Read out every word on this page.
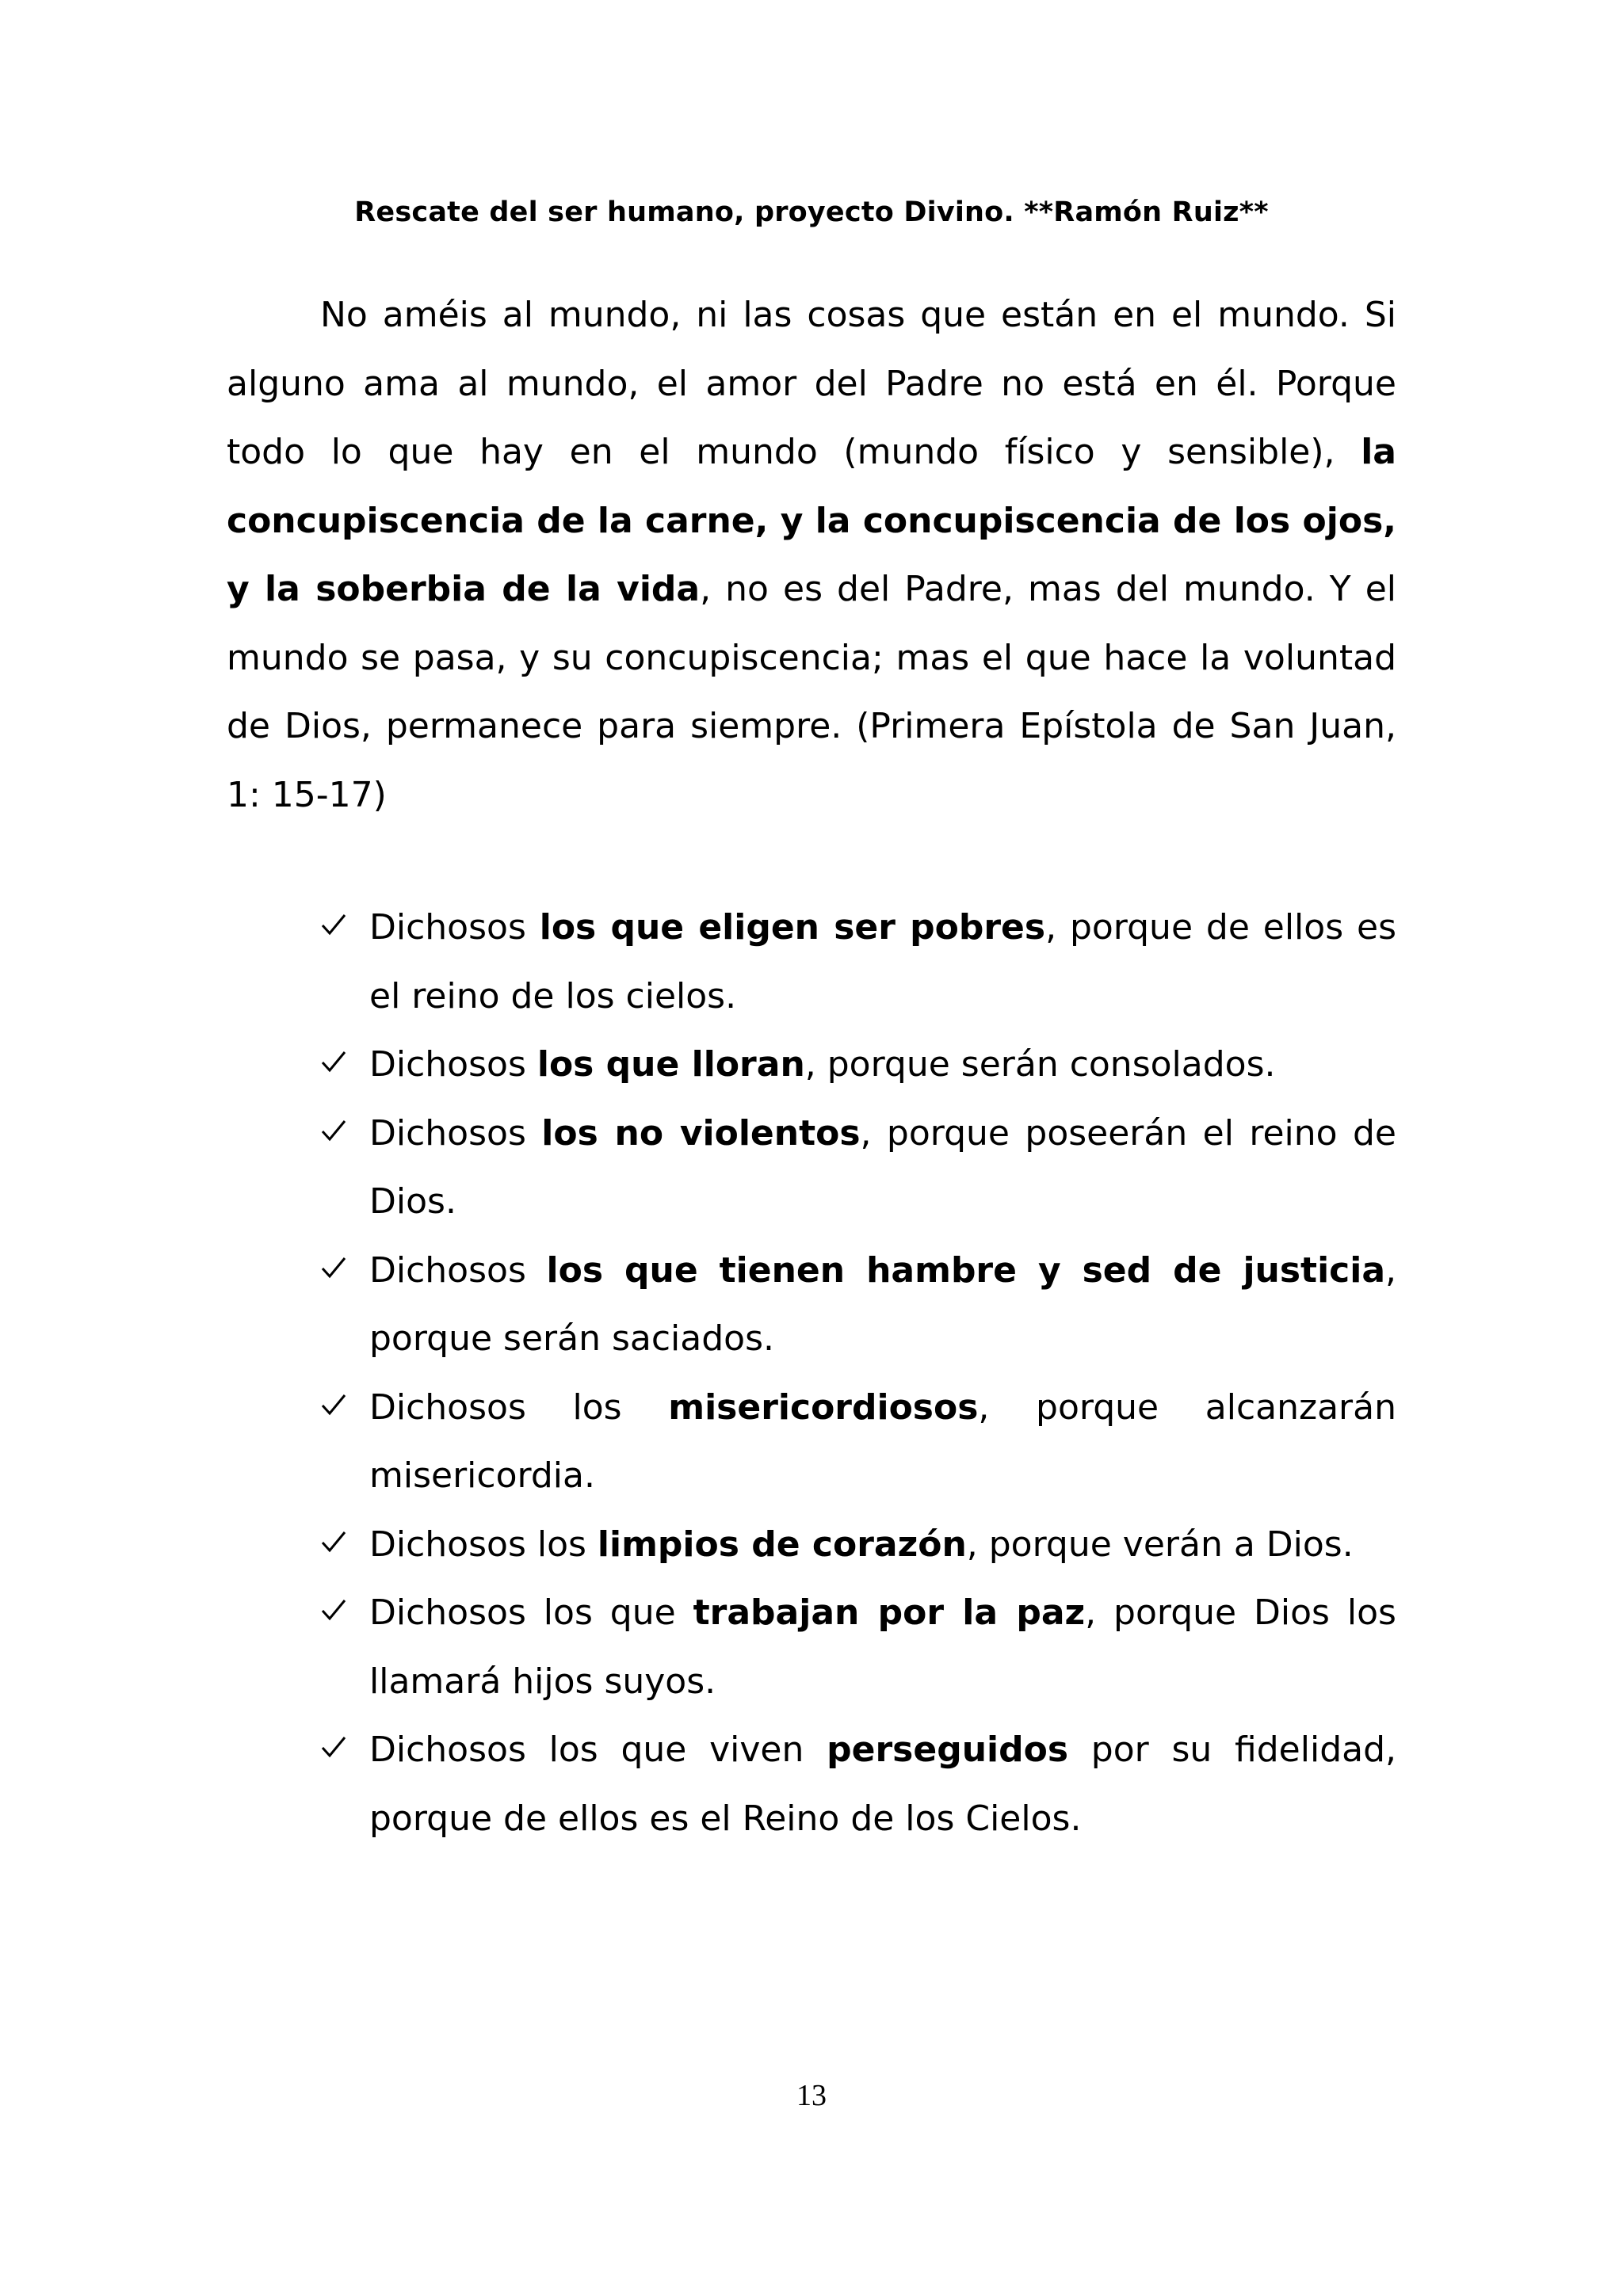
Rescate del ser humano, proyecto Divino. **Ramón Ruiz**

No améis al mundo, ni las cosas que están en el mundo. Si alguno ama al mundo, el amor del Padre no está en él. Porque todo lo que hay en el mundo (mundo físico y sensible), la concupiscencia de la carne, y la concupiscencia de los ojos, y la soberbia de la vida, no es del Padre, mas del mundo. Y el mundo se pasa, y su concupiscencia; mas el que hace la voluntad de Dios, permanece para siempre. (Primera Epístola de San Juan, 1: 15-17)

Dichosos los que eligen ser pobres, porque de ellos es el reino de los cielos.
Dichosos los que lloran, porque serán consolados.
Dichosos los no violentos, porque poseerán el reino de Dios.
Dichosos los que tienen hambre y sed de justicia, porque serán saciados.
Dichosos los misericordiosos, porque alcanzarán misericordia.
Dichosos los limpios de corazón, porque verán a Dios.
Dichosos los que trabajan por la paz, porque Dios los llamará hijos suyos.
Dichosos los que viven perseguidos por su fidelidad, porque de ellos es el Reino de los Cielos.

13
